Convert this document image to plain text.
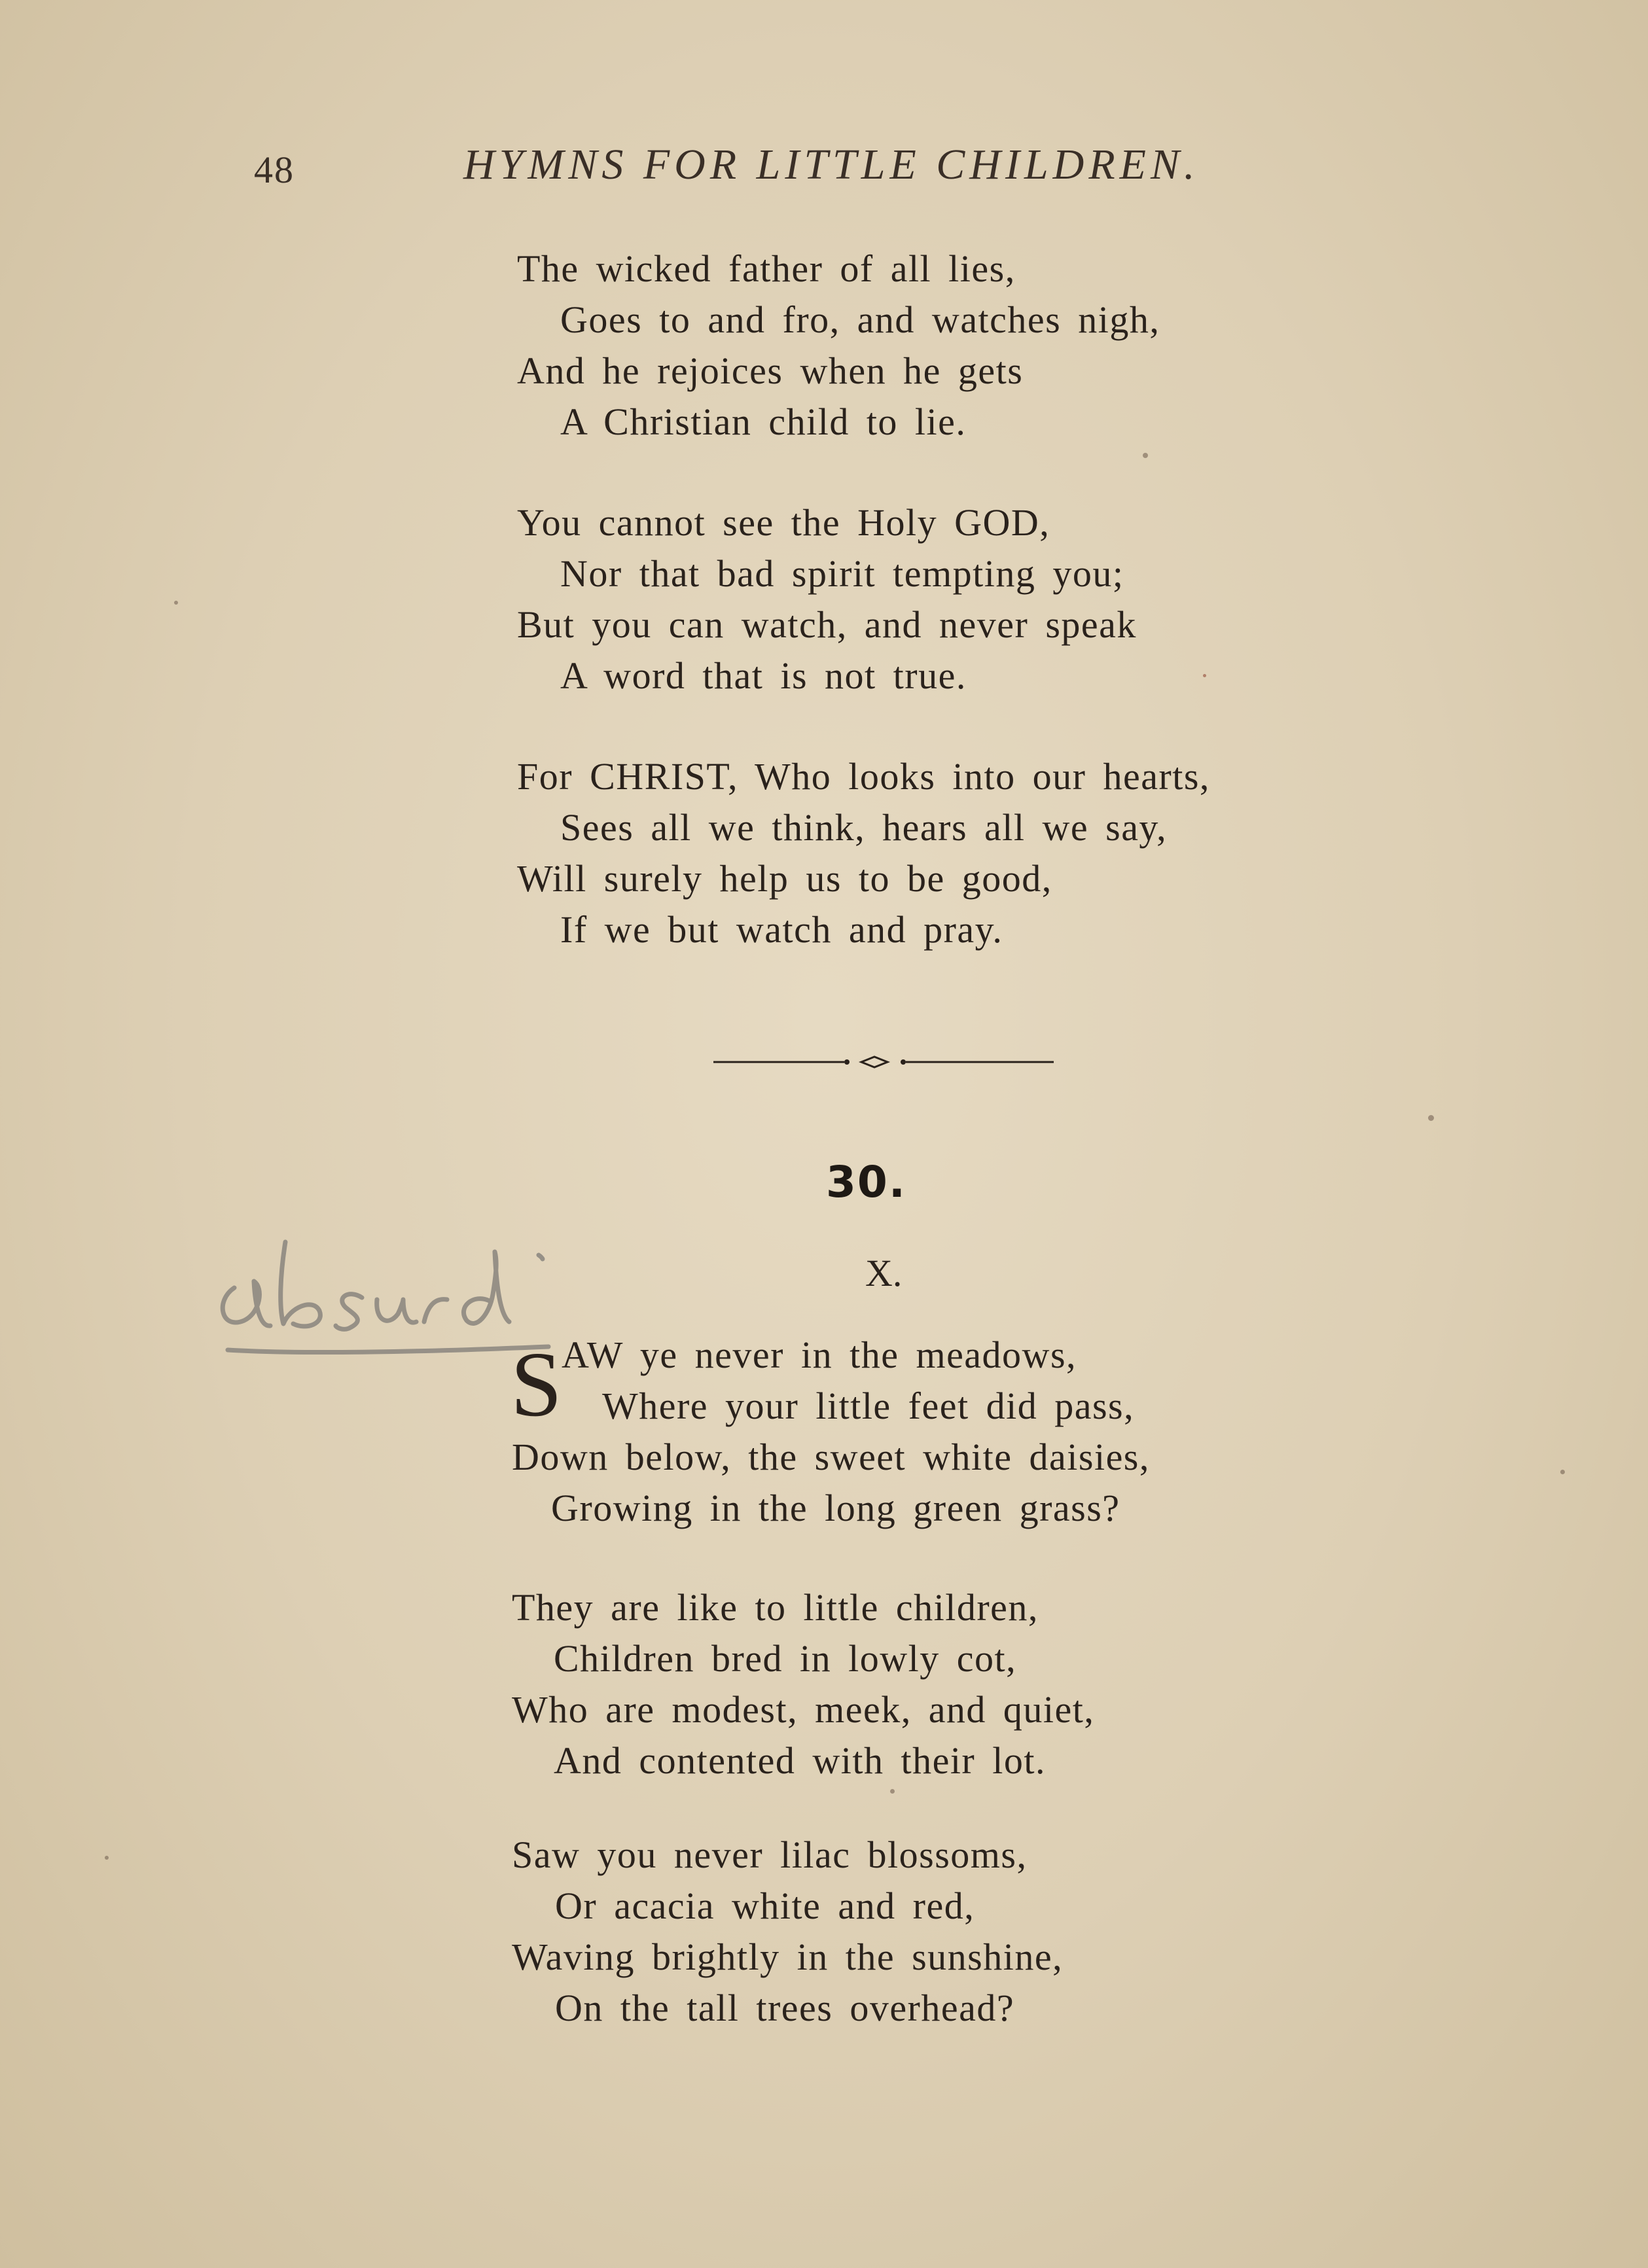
48	HYMNS FOR LITTLE CHILDREN.
The wicked father of all lies,
Goes to and fro, and watches nigh,
And he rejoices when he gets
A Christian child to lie.
You cannot see the Holy GOD,
Nor that bad spirit tempting you;
But you can watch, and never speak
A word that is not true.
For CHRIST, Who looks into our hearts,
Sees all we think, hears all we say,
Will surely help us to be good,
If we but watch and pray.
30.
X.
S AW ye never in the meadows,
Where your little feet did pass,
Down below, the sweet white daisies,
Growing in the long green grass?
They are like to little children,
Children bred in lowly cot,
Who are modest, meek, and quiet,
And contented with their lot.
Saw you never lilac blossoms,
Or acacia white and red,
Waving brightly in the sunshine,
On the tall trees overhead?
